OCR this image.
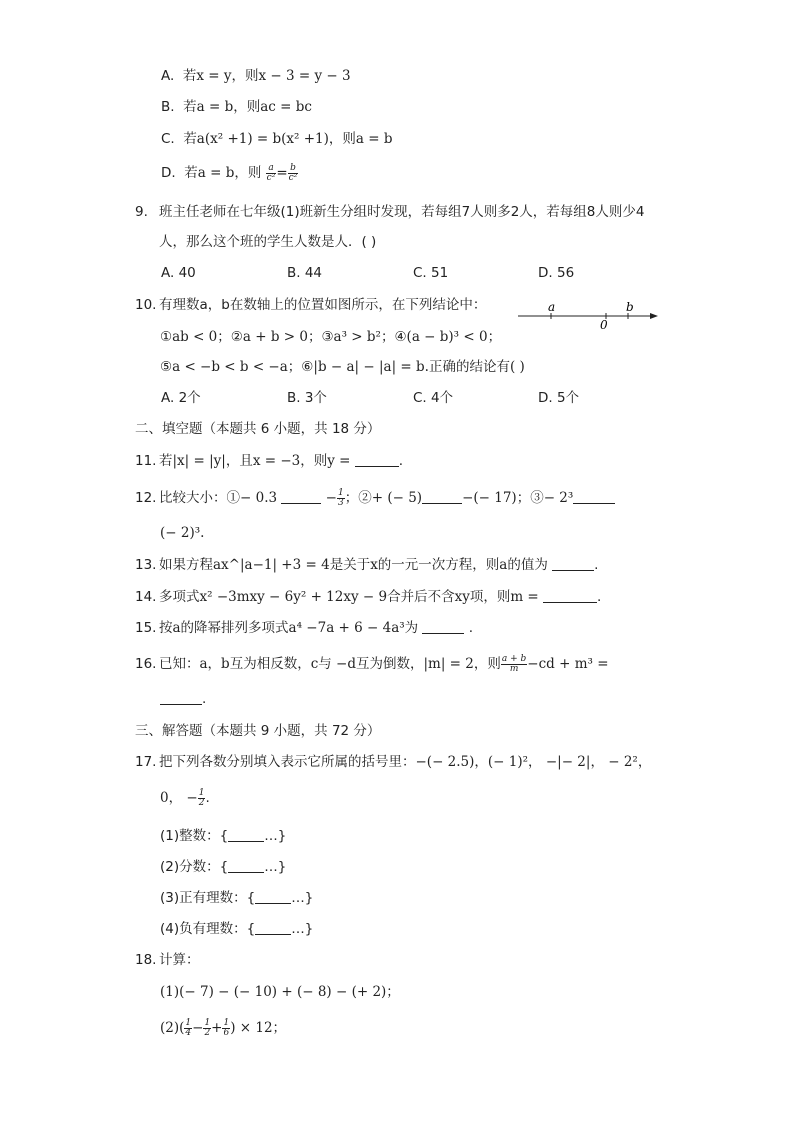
A. 若x = y，则x − 3 = y − 3
B. 若a = b，则ac = bc
C. 若a(x² +1) = b(x² +1)，则a = b
D. 若a = b，则 $\frac{a}{\text{c²}} = \frac{b}{\text{c²}}$
9. 班主任老师在七年级(1)班新生分组时发现，若每组7人则多2人，若每组8人则少4
人，那么这个班的学生人数是人．( )
A. 40	B. 44	C. 51	D. 56
10. 有理数a，b在数轴上的位置如图所示，在下列结论中：	a
0
b
①ab < 0；②a + b > 0；③a³ > b²；④(a − b)³ < 0；
⑤a < −b < b < −a；⑥|b − a| − |a| = b.正确的结论有( )
A. 2个	B. 3个	C. 4个	D. 5个
二、填空题（本题共 6 小题，共 18 分）
11. 若|x| = |y|，且x = −3，则y =	.
12. 比较大小：①− 0.3	− $\frac{1}{3}$ ；②+ (− 5)	−(− 17)；③− 2³
(− 2)³.
13. 如果方程ax^|a−1| +3 = 4是关于x的一元一次方程，则a的值为	.
14. 多项式x² −3mxy − 6y² + 12xy − 9合并后不含xy项，则m =	.
15. 按a的降幂排列多项式a⁴ −7a + 6 − 4a³为	.
16. 已知：a，b互为相反数，c与 −d互为倒数，|m| = 2，则 $\frac{a + b}{m} -cd + m^3$ =
.
三、解答题（本题共 9 小题，共 72 分）
17. 把下列各数分别填入表示它所属的括号里：−(− 2.5)，(− 1)²， −|− 2|， − 2²，
0， − $\frac{1}{2}$ .
(1)整数：{	…}
(2)分数：{	…}
(3)正有理数：{	…}
(4)负有理数：{	…}
18. 计算：
(1)(− 7) − (− 10) + (− 8) − (+ 2)；
$(2)( \frac{1}{4} - \frac{1}{2} + \frac{1}{6}$ ) × 12；
